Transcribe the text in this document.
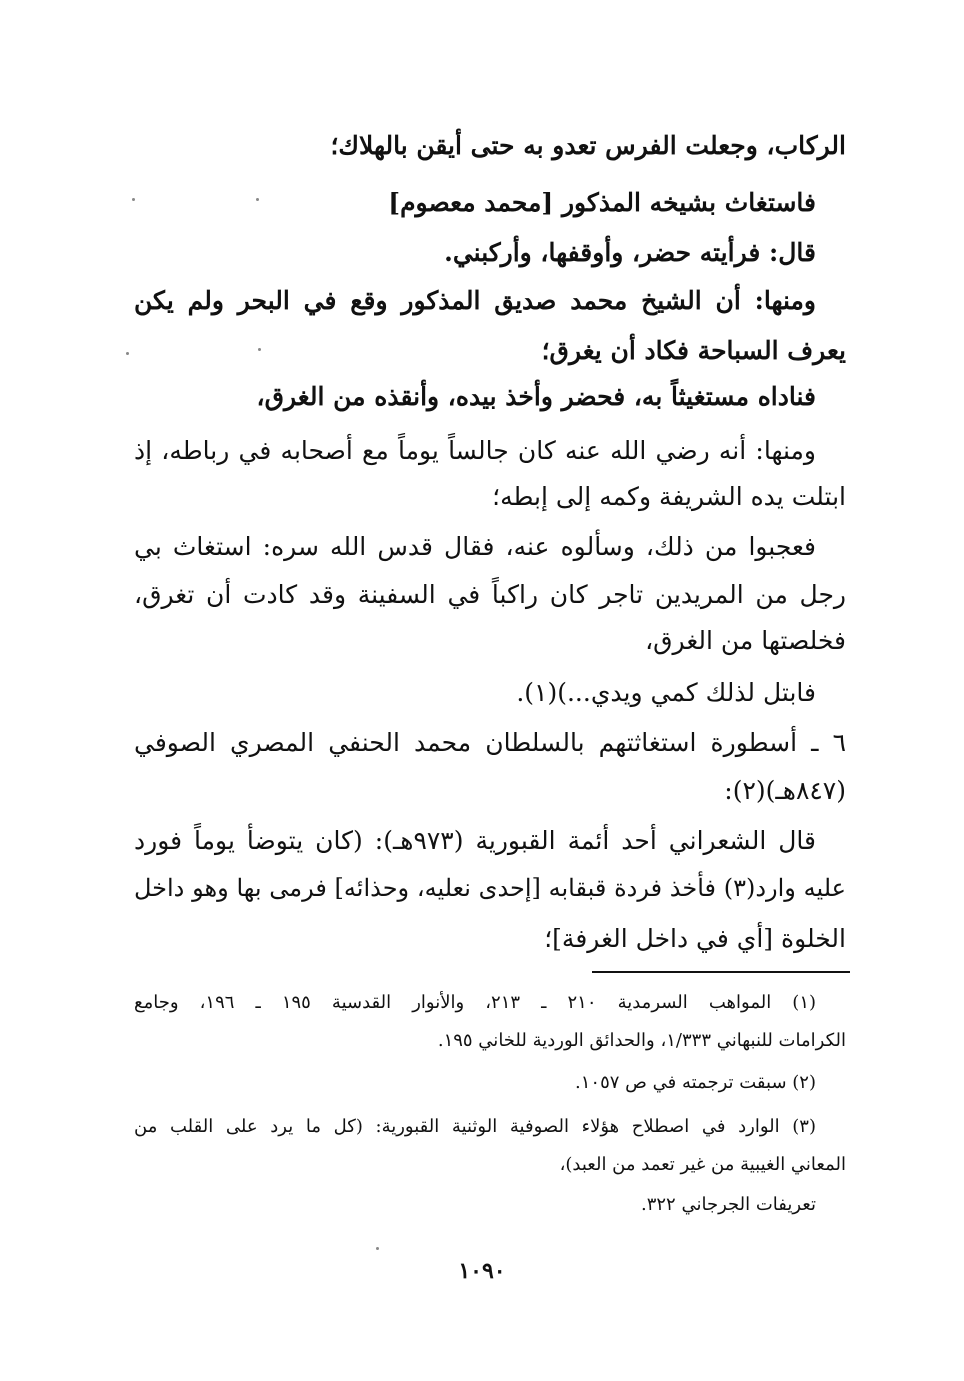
الركاب، وجعلت الفرس تعدو به حتى أيقن بالهلاك؛
فاستغاث بشيخه المذكور [محمد معصوم]
قال: فرأيته حضر، وأوقفها، وأركبني.
ومنها: أن الشيخ محمد صديق المذكور وقع في البحر ولم يكن
يعرف السباحة فكاد أن يغرق؛
فناداه مستغيثاً به، فحضر وأخذ بيده، وأنقذه من الغرق،
ومنها: أنه رضي الله عنه كان جالساً يوماً مع أصحابه في رباطه، إذ
ابتلت يده الشريفة وكمه إلى إبطه؛
فعجبوا من ذلك، وسألوه عنه، فقال قدس الله سره: استغاث بي
رجل من المريدين تاجر كان راكباً في السفينة وقد كادت أن تغرق،
فخلصتها من الغرق،
فابتل لذلك كمي ويدي...)(١).
٦ ـ أسطورة استغاثتهم بالسلطان محمد الحنفي المصري الصوفي
(٨٤٧هـ)(٢):
قال الشعراني أحد أئمة القبورية (٩٧٣هـ): (كان يتوضأ يوماً فورد
عليه وارد(٣) فأخذ فردة قبقابه [إحدى نعليه، وحذائه] فرمى بها وهو داخل
الخلوة [أي في داخل الغرفة]؛
(١) المواهب السرمدية ٢١٠ ـ ٢١٣، والأنوار القدسية ١٩٥ ـ ١٩٦، وجامع
الكرامات للنبهاني ١/٣٣٣، والحدائق الوردية للخاني ١٩٥.
(٢) سبقت ترجمته في ص ١٠٥٧.
(٣) الوارد في اصطلاح هؤلاء الصوفية الوثنية القبورية: (كل ما يرد على القلب من
المعاني الغيبية من غير تعمد من العبد)،
تعريفات الجرجاني ٣٢٢.
١٠٩٠
